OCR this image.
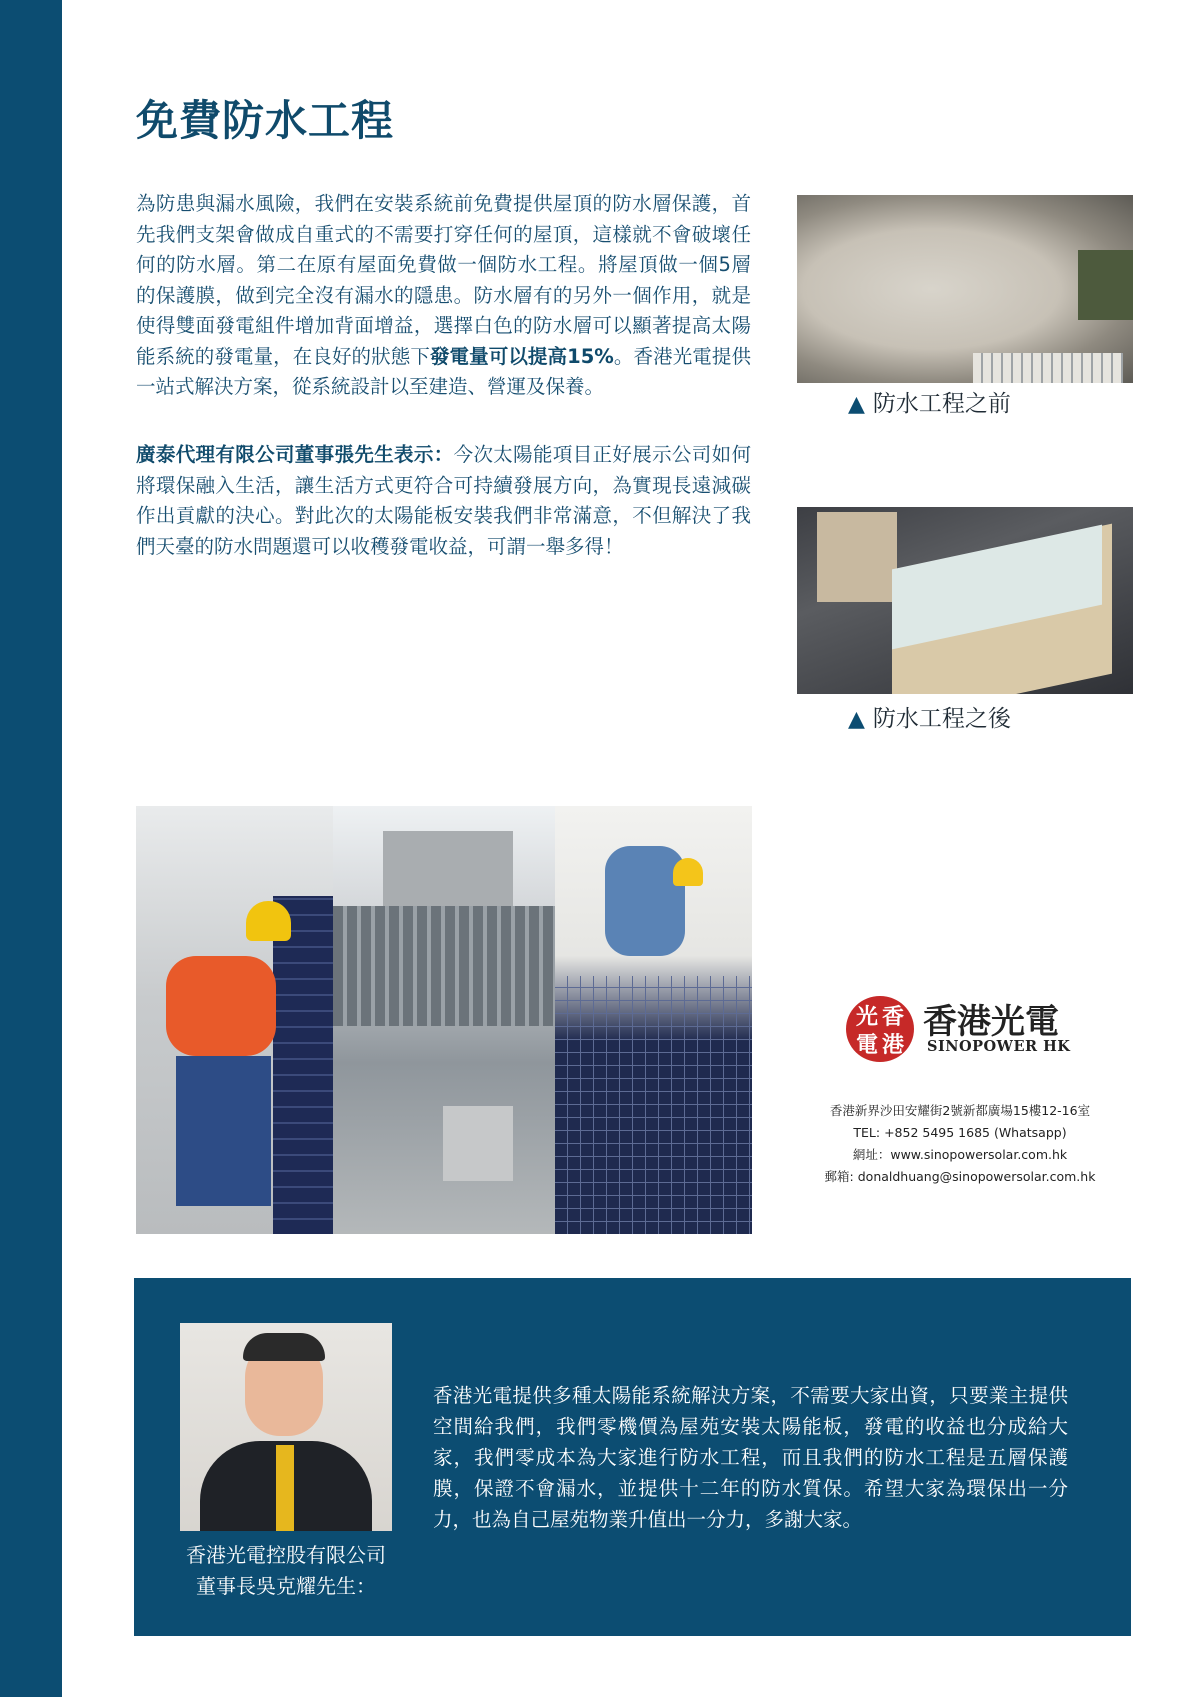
免費防水工程

為防患與漏水風險，我們在安裝系統前免費提供屋頂的防水層保護，首先我們支架會做成自重式的不需要打穿任何的屋頂，這樣就不會破壞任何的防水層。第二在原有屋面免費做一個防水工程。將屋頂做一個5層的保護膜，做到完全沒有漏水的隱患。防水層有的另外一個作用，就是使得雙面發電組件增加背面增益，選擇白色的防水層可以顯著提高太陽能系統的發電量，在良好的狀態下發電量可以提高15%。香港光電提供一站式解決方案，從系統設計以至建造、營運及保養。

廣泰代理有限公司董事張先生表示：今次太陽能項目正好展示公司如何將環保融入生活，讓生活方式更符合可持續發展方向，為實現長遠減碳作出貢獻的決心。對此次的太陽能板安裝我們非常滿意，不但解決了我們天臺的防水問題還可以收穫發電收益，可謂一舉多得！

▲ 防水工程之前
▲ 防水工程之後
香
港
光
電
香港光電
SINOPOWER HK
香港新界沙田安耀街2號新都廣場15樓12-16室
TEL: +852 5495 1685 (Whatsapp)
網址：www.sinopowersolar.com.hk
郵箱: donaldhuang@sinopowersolar.com.hk
香港光電控股有限公司
董事長吳克耀先生：

香港光電提供多種太陽能系統解決方案，不需要大家出資，只要業主提供空間給我們，我們零機價為屋苑安裝太陽能板，發電的收益也分成給大家，我們零成本為大家進行防水工程，而且我們的防水工程是五層保護膜，保證不會漏水，並提供十二年的防水質保。希望大家為環保出一分力，也為自己屋苑物業升值出一分力，多謝大家。
